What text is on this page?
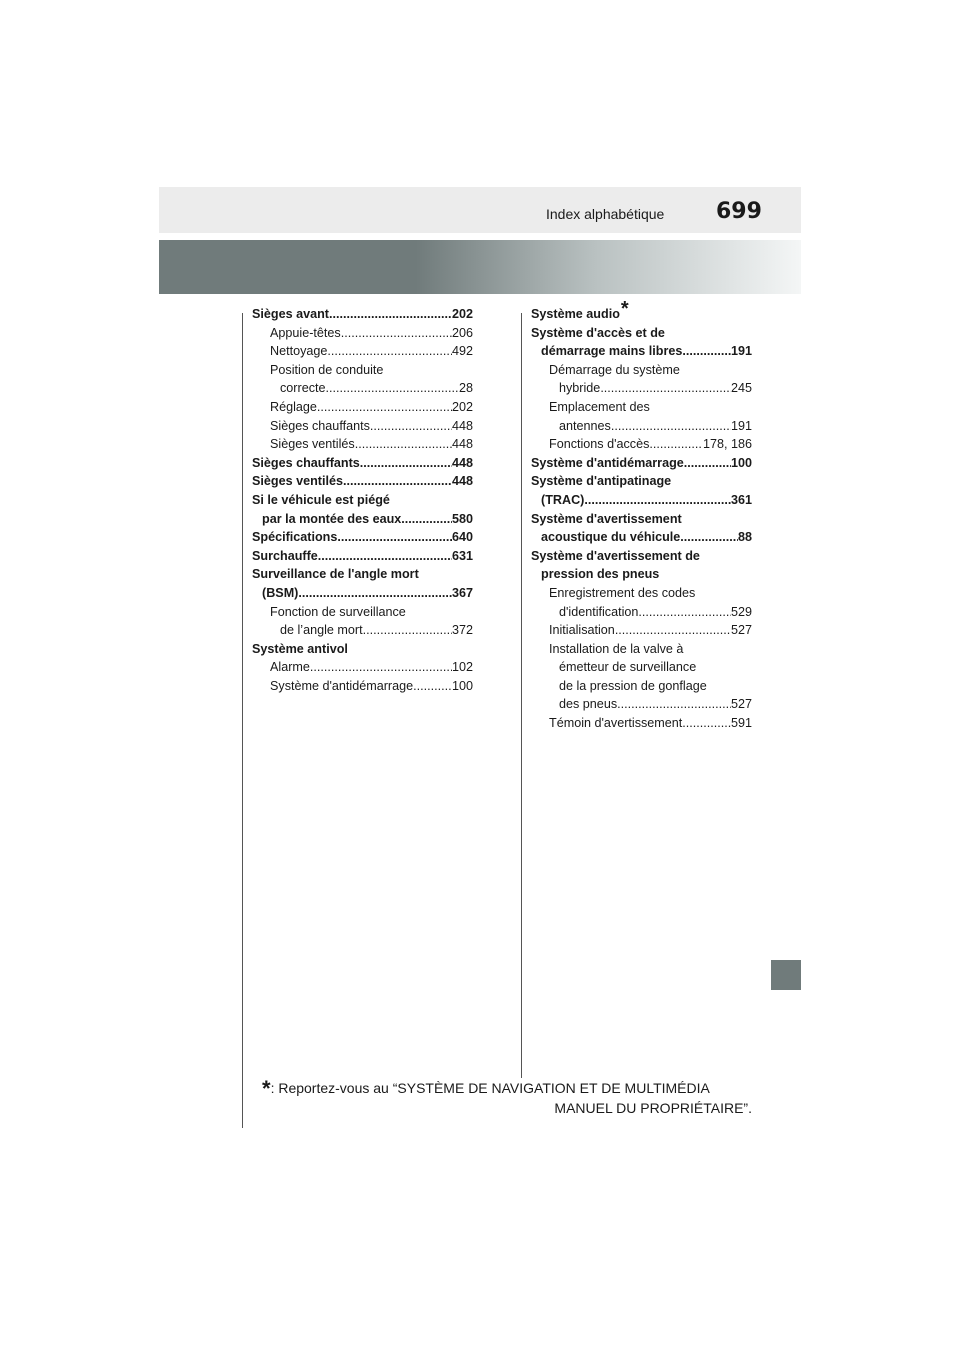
Index alphabétique 699
Sièges avant .....	202
Appuie-têtes .....	206
Nettoyage .....	492
Position de conduite
correcte .....	28
Réglage .....	202
Sièges chauffants .....	448
Sièges ventilés .....	448
Sièges chauffants .....	448
Sièges ventilés .....	448
Si le véhicule est piégé
par la montée des eaux .....	580
Spécifications .....	640
Surchauffe .....	631
Surveillance de l'angle mort
(BSM) .....	367
Fonction de surveillance
de l’angle mort .....	372
Système antivol
Alarme .....	102
Système d'antidémarrage .....	100
Système audio*
Système d'accès et de
démarrage mains libres .....	191
Démarrage du système
hybride .....	245
Emplacement des
antennes .....	191
Fonctions d'accès .....	178, 186
Système d'antidémarrage .....	100
Système d'antipatinage
(TRAC) .....	361
Système d'avertissement
acoustique du véhicule .....	88
Système d'avertissement de
pression des pneus
Enregistrement des codes
d'identification .....	529
Initialisation .....	527
Installation de la valve à
émetteur de surveillance
de la pression de gonflage
des pneus .....	527
Témoin d'avertissement .....	591
*: Reportez-vous au “SYSTÈME DE NAVIGATION ET DE MULTIMÉDIA
MANUEL DU PROPRIÉTAIRE”.
